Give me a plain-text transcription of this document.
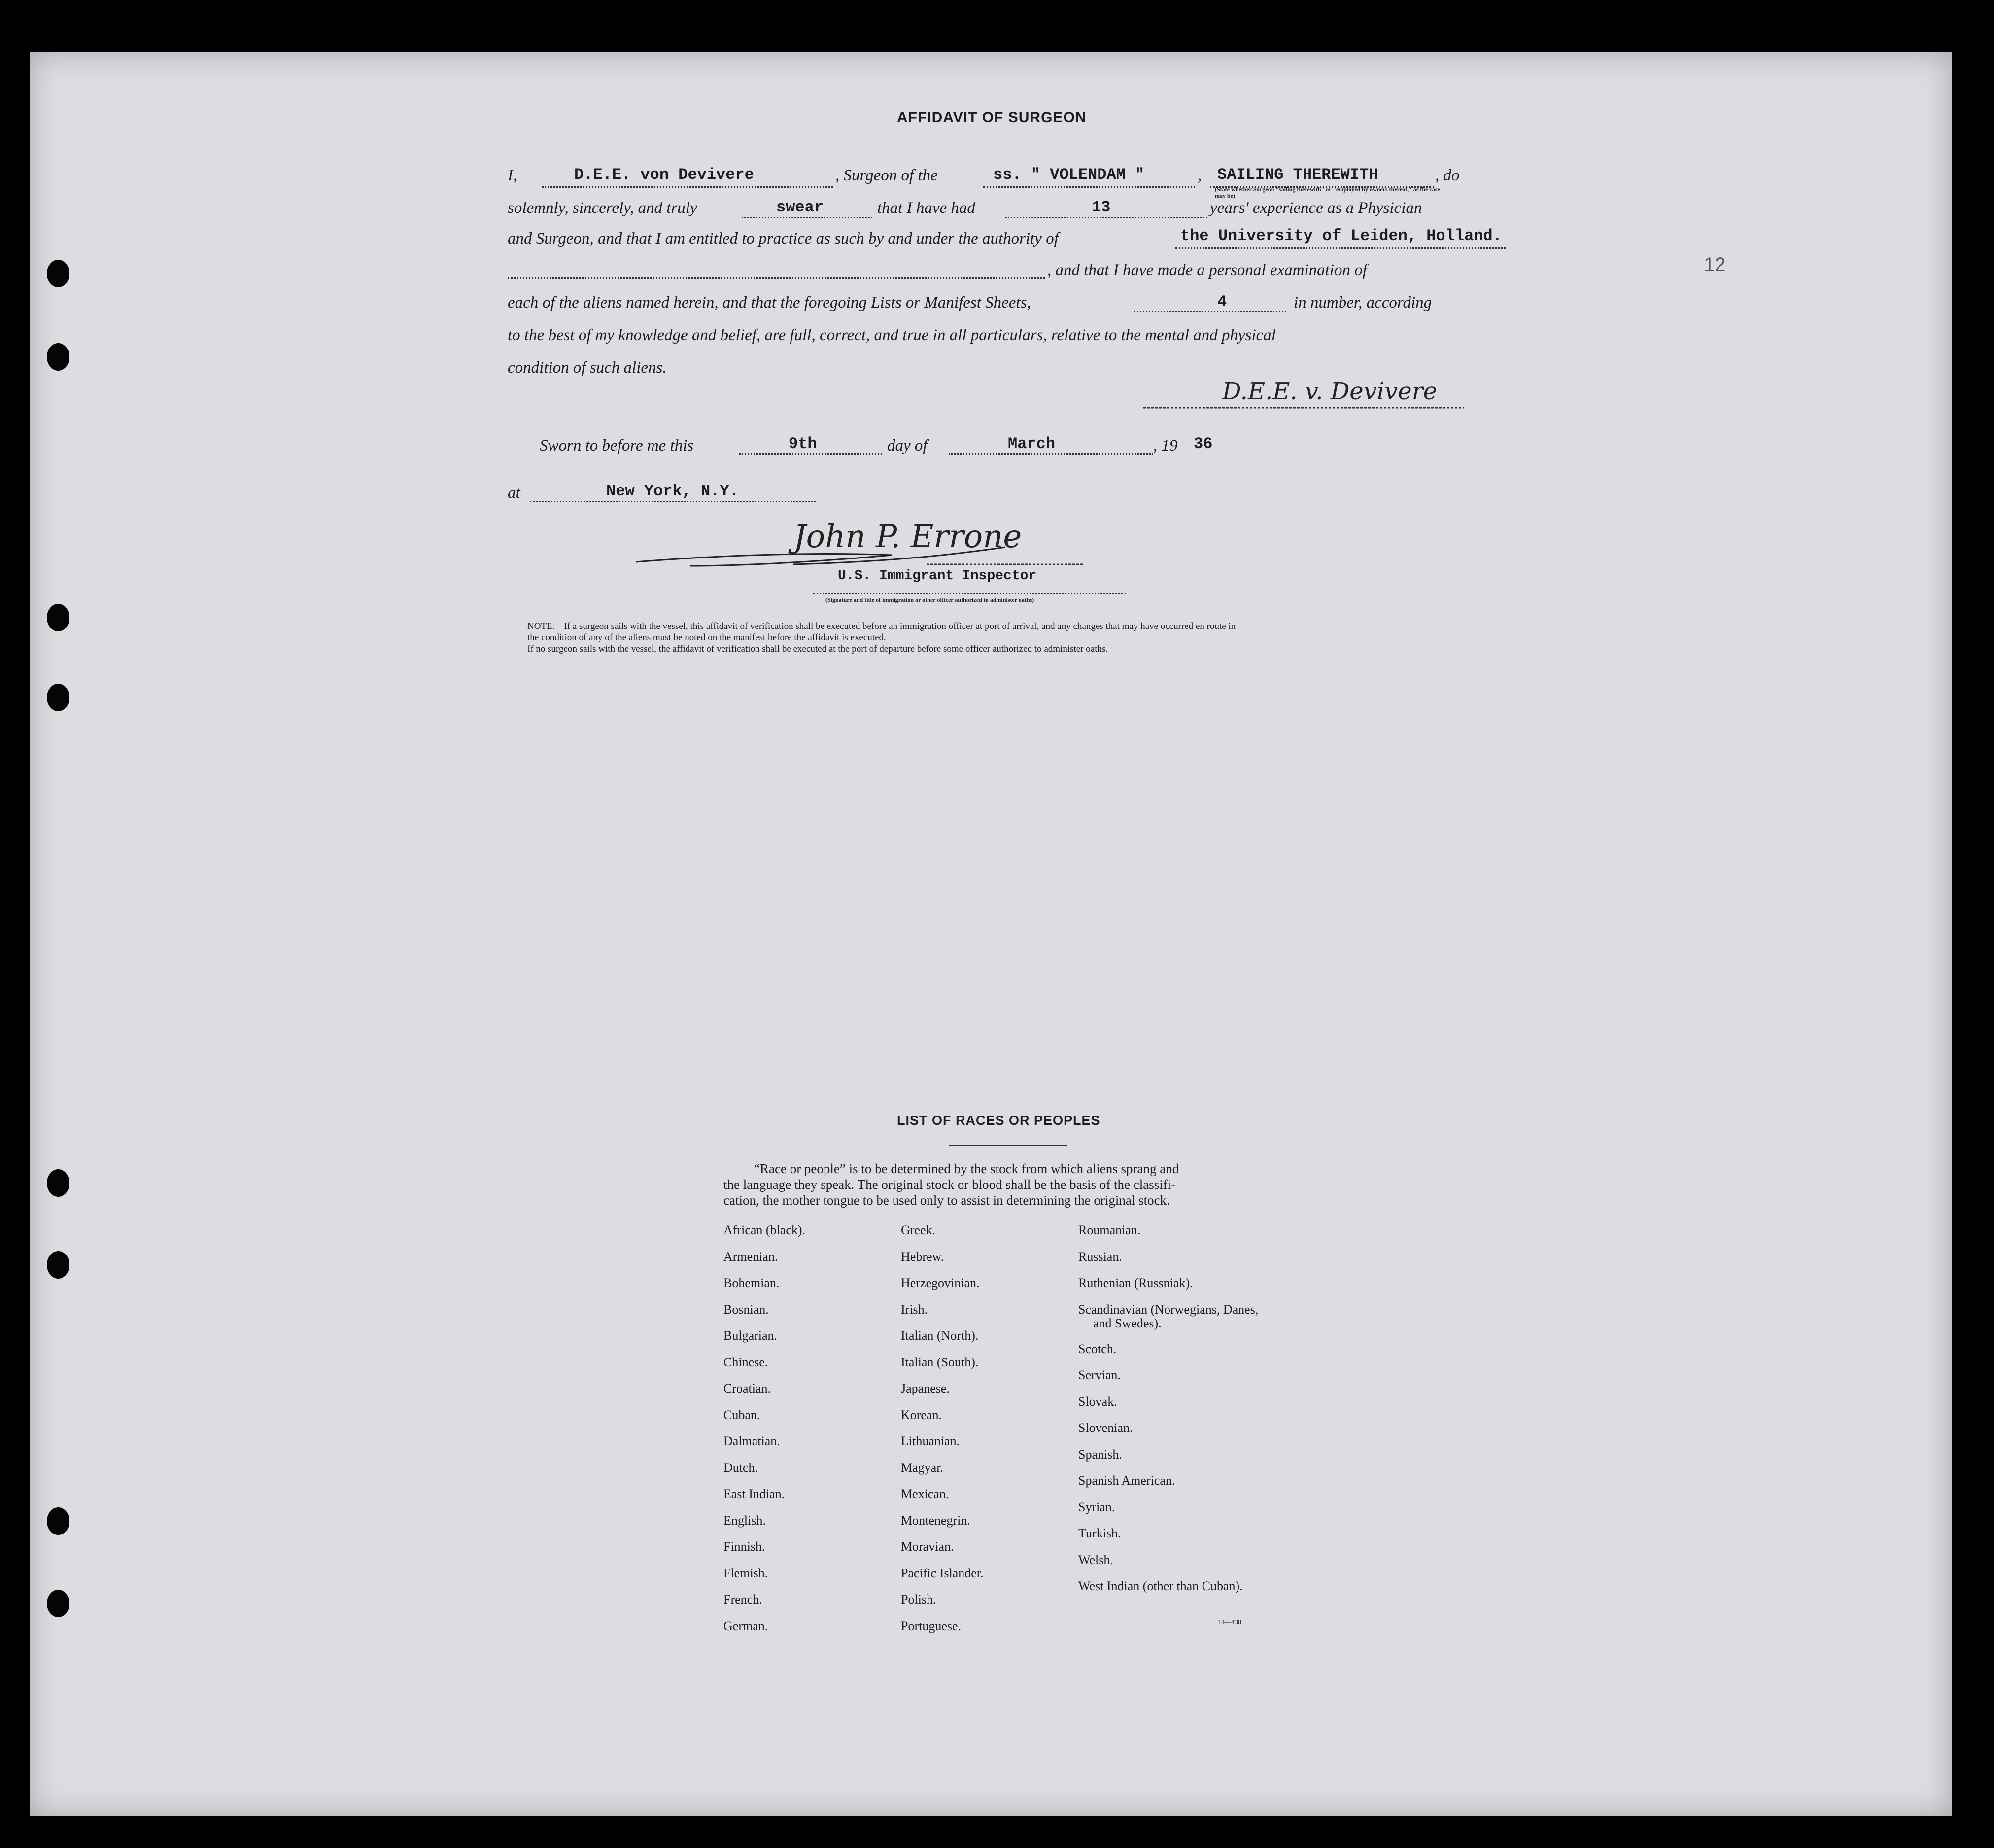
12
AFFIDAVIT OF SURGEON
I,	D.E.E. von Devivere	, Surgeon of the	ss. " VOLENDAM "	, SAILING THEREWITH	, do
(State whether Surgeon "sailing therewith" or "employed by owners thereof," as the case may be)
solemnly, sincerely, and truly	swear	that I have had	13	years' experience as a Physician
and Surgeon, and that I am entitled to practice as such by and under the authority of	the University of Leiden, Holland.
, and that I have made a personal examination of
each of the aliens named herein, and that the foregoing Lists or Manifest Sheets,	4	in number, according
to the best of my knowledge and belief, are full, correct, and true in all particulars, relative to the mental and physical
condition of such aliens.
D.E.E. v. Devivere
Sworn to before me this	9th	day of	March	, 19 36
at	New York, N.Y.
John P. Errone
U.S. Immigrant Inspector
(Signature and title of immigration or other officer authorized to administer oaths)
NOTE.—If a surgeon sails with the vessel, this affidavit of verification shall be executed before an immigration officer at port of arrival, and any changes that may have occurred en route in
the condition of any of the aliens must be noted on the manifest before the affidavit is executed.
If no surgeon sails with the vessel, the affidavit of verification shall be executed at the port of departure before some officer authorized to administer oaths.
LIST OF RACES OR PEOPLES
“Race or people” is to be determined by the stock from which aliens sprang and
the language they speak. The original stock or blood shall be the basis of the classifi-
cation, the mother tongue to be used only to assist in determining the original stock.
African (black).
Armenian.
Bohemian.
Bosnian.
Bulgarian.
Chinese.
Croatian.
Cuban.
Dalmatian.
Dutch.
East Indian.
English.
Finnish.
Flemish.
French.
German.
Greek.
Hebrew.
Herzegovinian.
Irish.
Italian (North).
Italian (South).
Japanese.
Korean.
Lithuanian.
Magyar.
Mexican.
Montenegrin.
Moravian.
Pacific Islander.
Polish.
Portuguese.
Roumanian.
Russian.
Ruthenian (Russniak).
Scandinavian (Norwegians, Danes, and Swedes).
Scotch.
Servian.
Slovak.
Slovenian.
Spanish.
Spanish American.
Syrian.
Turkish.
Welsh.
West Indian (other than Cuban).
14—430
